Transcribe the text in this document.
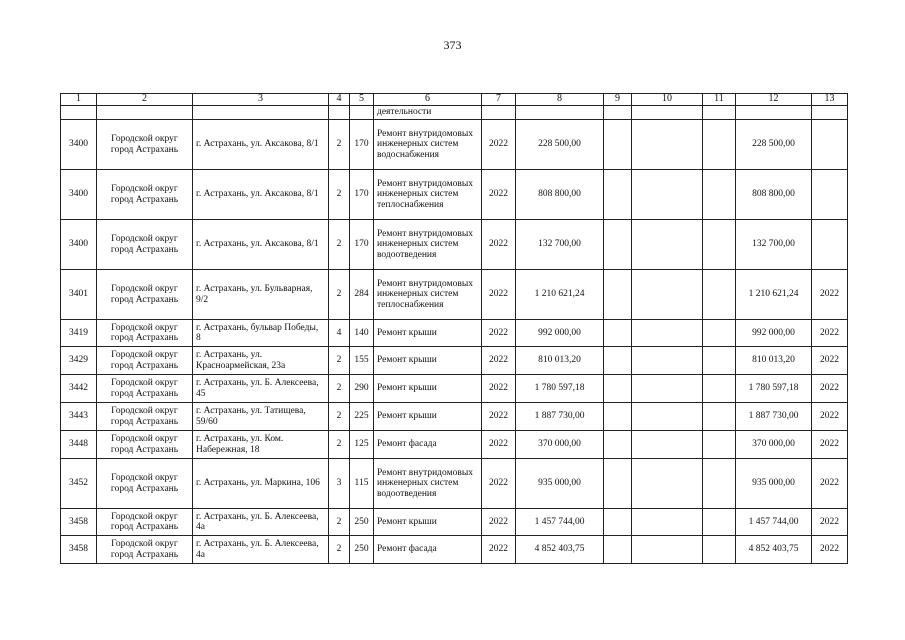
373
1	2	3	4	5	6	7	8	9	10	11	12	13
					деятельности							
3400	Городской округ город Астрахань	г. Астрахань, ул. Аксакова, 8/1	2	170	Ремонт внутридомовых инженерных систем водоснабжения	2022	228 500,00				228 500,00	
3400	Городской округ город Астрахань	г. Астрахань, ул. Аксакова, 8/1	2	170	Ремонт внутридомовых инженерных систем теплоснабжения	2022	808 800,00				808 800,00	
3400	Городской округ город Астрахань	г. Астрахань, ул. Аксакова, 8/1	2	170	Ремонт внутридомовых инженерных систем водоотведения	2022	132 700,00				132 700,00	
3401	Городской округ город Астрахань	г. Астрахань, ул. Бульварная, 9/2	2	284	Ремонт внутридомовых инженерных систем теплоснабжения	2022	1 210 621,24				1 210 621,24	2022
3419	Городской округ город Астрахань	г. Астрахань, бульвар Победы, 8	4	140	Ремонт крыши	2022	992 000,00				992 000,00	2022
3429	Городской округ город Астрахань	г. Астрахань, ул. Красноармейская, 23а	2	155	Ремонт крыши	2022	810 013,20				810 013,20	2022
3442	Городской округ город Астрахань	г. Астрахань, ул. Б. Алексеева, 45	2	290	Ремонт крыши	2022	1 780 597,18				1 780 597,18	2022
3443	Городской округ город Астрахань	г. Астрахань, ул. Татищева, 59/60	2	225	Ремонт крыши	2022	1 887 730,00				1 887 730,00	2022
3448	Городской округ город Астрахань	г. Астрахань, ул. Ком. Набережная, 18	2	125	Ремонт фасада	2022	370 000,00				370 000,00	2022
3452	Городской округ город Астрахань	г. Астрахань, ул. Маркина, 106	3	115	Ремонт внутридомовых инженерных систем водоотведения	2022	935 000,00				935 000,00	2022
3458	Городской округ город Астрахань	г. Астрахань, ул. Б. Алексеева, 4а	2	250	Ремонт крыши	2022	1 457 744,00				1 457 744,00	2022
3458	Городской округ город Астрахань	г. Астрахань, ул. Б. Алексеева, 4а	2	250	Ремонт фасада	2022	4 852 403,75				4 852 403,75	2022
